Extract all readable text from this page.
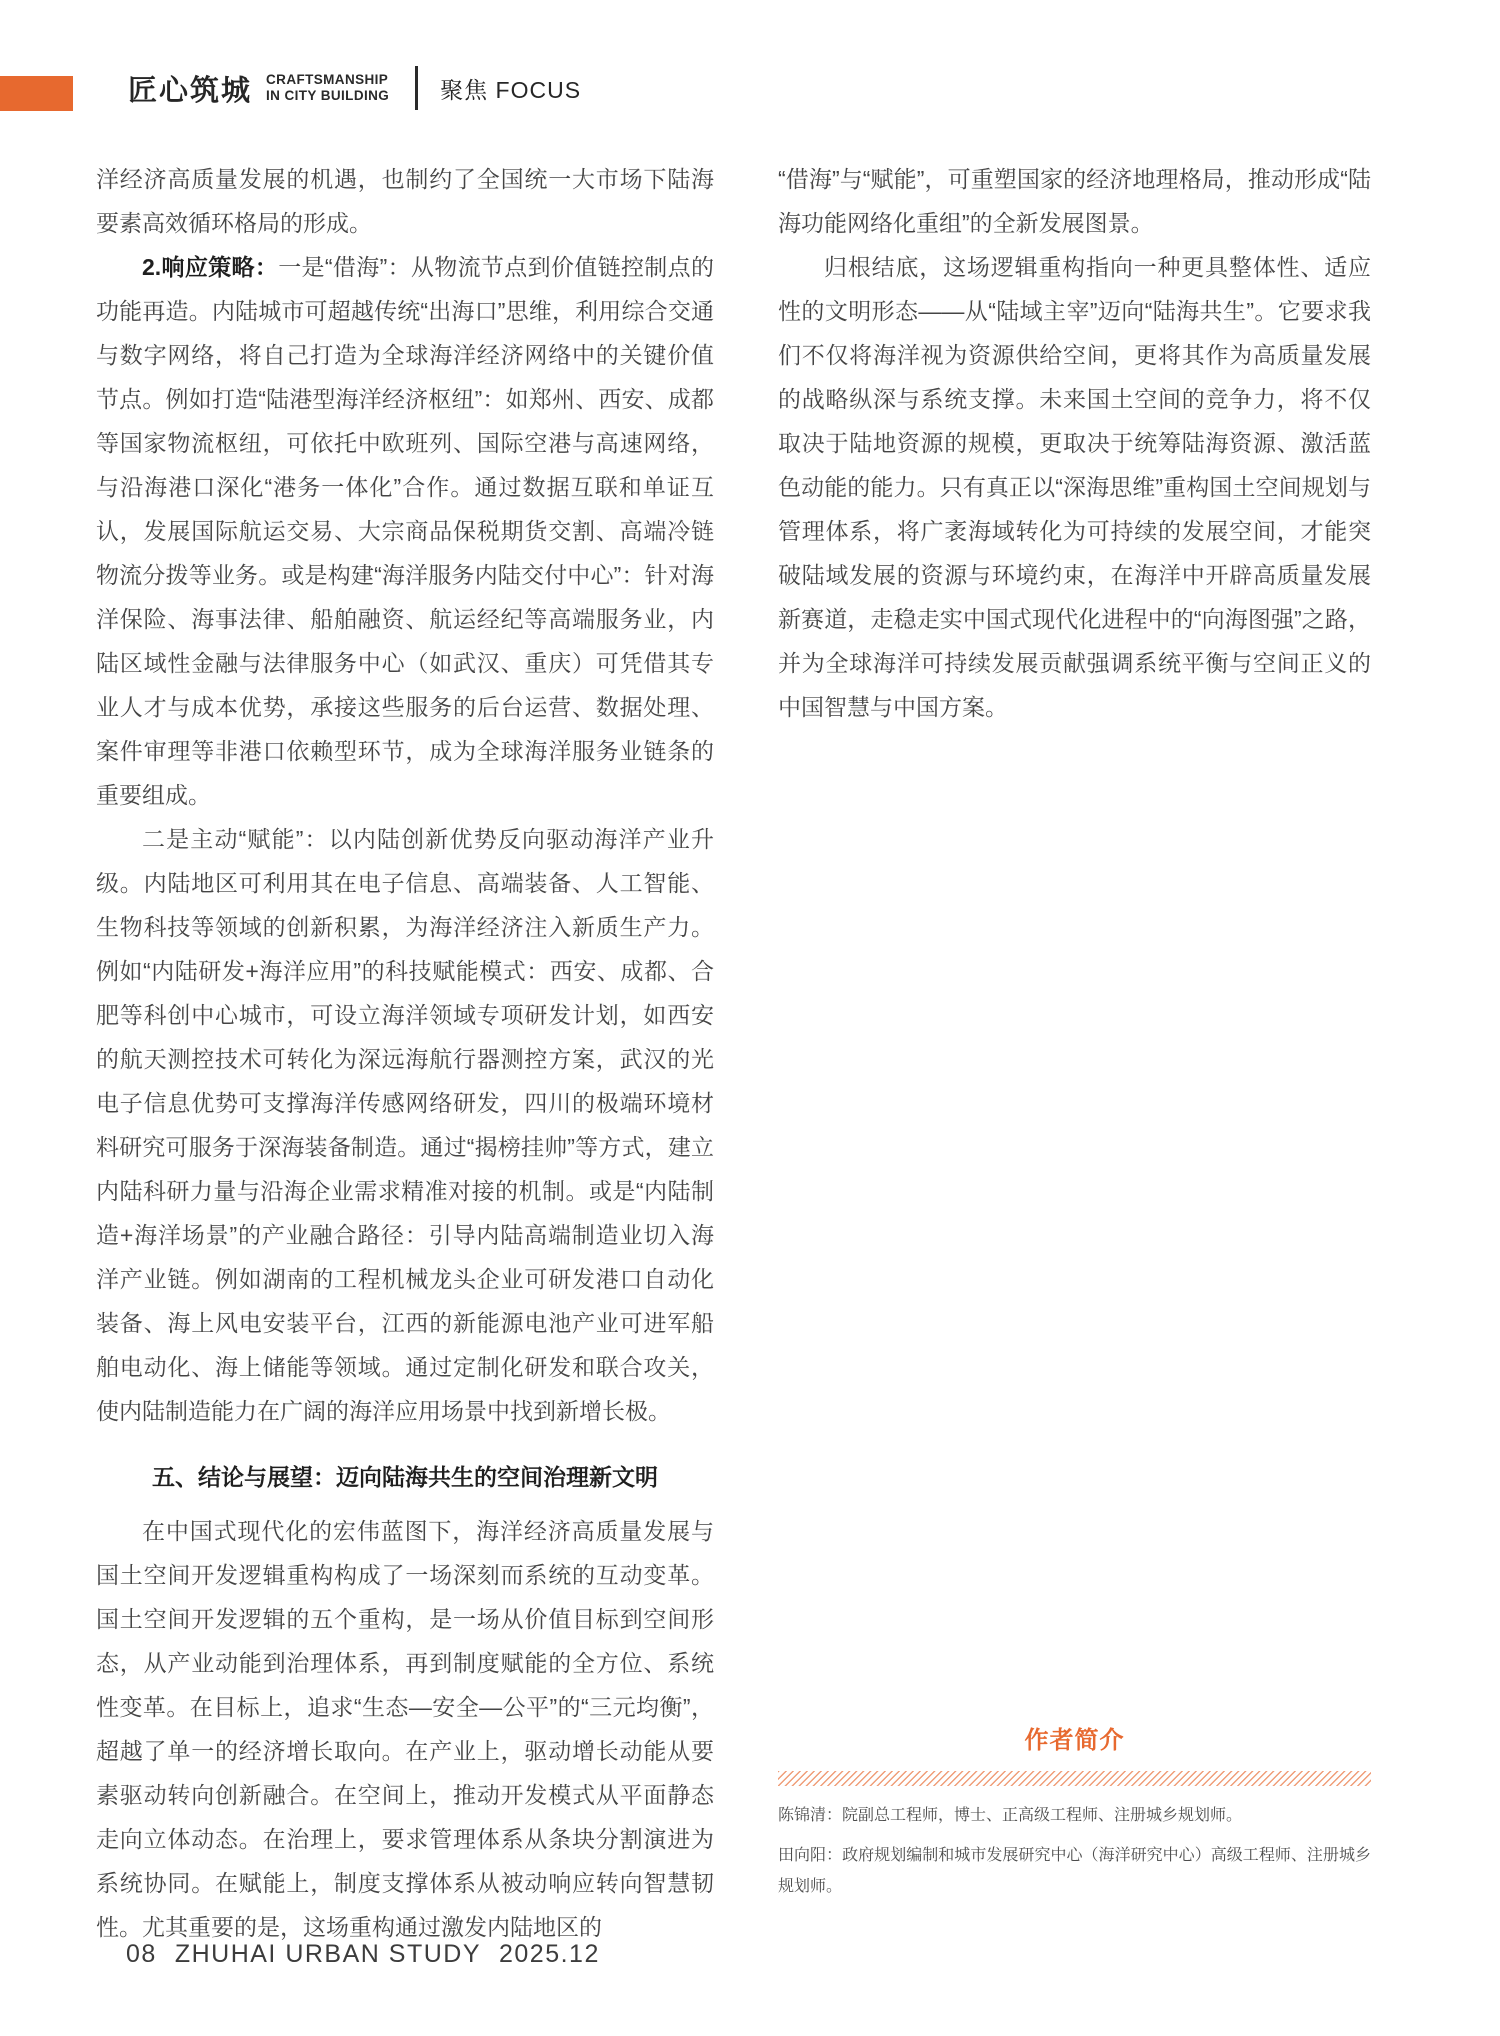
匠心筑城 CRAFTSMANSHIP
IN CITY BUILDING 聚焦 FOCUS

洋经济高质量发展的机遇，也制约了全国统一大市场下陆海要素高效循环格局的形成。

2.响应策略：一是“借海”：从物流节点到价值链控制点的功能再造。内陆城市可超越传统“出海口”思维，利用综合交通与数字网络，将自己打造为全球海洋经济网络中的关键价值节点。例如打造“陆港型海洋经济枢纽”：如郑州、西安、成都等国家物流枢纽，可依托中欧班列、国际空港与高速网络，与沿海港口深化“港务一体化”合作。通过数据互联和单证互认，发展国际航运交易、大宗商品保税期货交割、高端冷链物流分拨等业务。或是构建“海洋服务内陆交付中心”：针对海洋保险、海事法律、船舶融资、航运经纪等高端服务业，内陆区域性金融与法律服务中心（如武汉、重庆）可凭借其专业人才与成本优势，承接这些服务的后台运营、数据处理、案件审理等非港口依赖型环节，成为全球海洋服务业链条的重要组成。

二是主动“赋能”：以内陆创新优势反向驱动海洋产业升级。内陆地区可利用其在电子信息、高端装备、人工智能、生物科技等领域的创新积累，为海洋经济注入新质生产力。例如“内陆研发+海洋应用”的科技赋能模式：西安、成都、合肥等科创中心城市，可设立海洋领域专项研发计划，如西安的航天测控技术可转化为深远海航行器测控方案，武汉的光电子信息优势可支撑海洋传感网络研发，四川的极端环境材料研究可服务于深海装备制造。通过“揭榜挂帅”等方式，建立内陆科研力量与沿海企业需求精准对接的机制。或是“内陆制造+海洋场景”的产业融合路径：引导内陆高端制造业切入海洋产业链。例如湖南的工程机械龙头企业可研发港口自动化装备、海上风电安装平台，江西的新能源电池产业可进军船舶电动化、海上储能等领域。通过定制化研发和联合攻关，使内陆制造能力在广阔的海洋应用场景中找到新增长极。

五、结论与展望：迈向陆海共生的空间治理新文明

在中国式现代化的宏伟蓝图下，海洋经济高质量发展与国土空间开发逻辑重构构成了一场深刻而系统的互动变革。国土空间开发逻辑的五个重构，是一场从价值目标到空间形态，从产业动能到治理体系，再到制度赋能的全方位、系统性变革。在目标上，追求“生态—安全—公平”的“三元均衡”，超越了单一的经济增长取向。在产业上，驱动增长动能从要素驱动转向创新融合。在空间上，推动开发模式从平面静态走向立体动态。在治理上，要求管理体系从条块分割演进为系统协同。在赋能上，制度支撑体系从被动响应转向智慧韧性。尤其重要的是，这场重构通过激发内陆地区的

“借海”与“赋能”，可重塑国家的经济地理格局，推动形成“陆海功能网络化重组”的全新发展图景。

归根结底，这场逻辑重构指向一种更具整体性、适应性的文明形态——从“陆域主宰”迈向“陆海共生”。它要求我们不仅将海洋视为资源供给空间，更将其作为高质量发展的战略纵深与系统支撑。未来国土空间的竞争力，将不仅取决于陆地资源的规模，更取决于统筹陆海资源、激活蓝色动能的能力。只有真正以“深海思维”重构国土空间规划与管理体系，将广袤海域转化为可持续的发展空间，才能突破陆域发展的资源与环境约束，在海洋中开辟高质量发展新赛道，走稳走实中国式现代化进程中的“向海图强”之路，并为全球海洋可持续发展贡献强调系统平衡与空间正义的中国智慧与中国方案。

作者简介

陈锦清：院副总工程师，博士、正高级工程师、注册城乡规划师。

田向阳：政府规划编制和城市发展研究中心（海洋研究中心）高级工程师、注册城乡规划师。

08 ZHUHAI URBAN STUDY 2025.12
